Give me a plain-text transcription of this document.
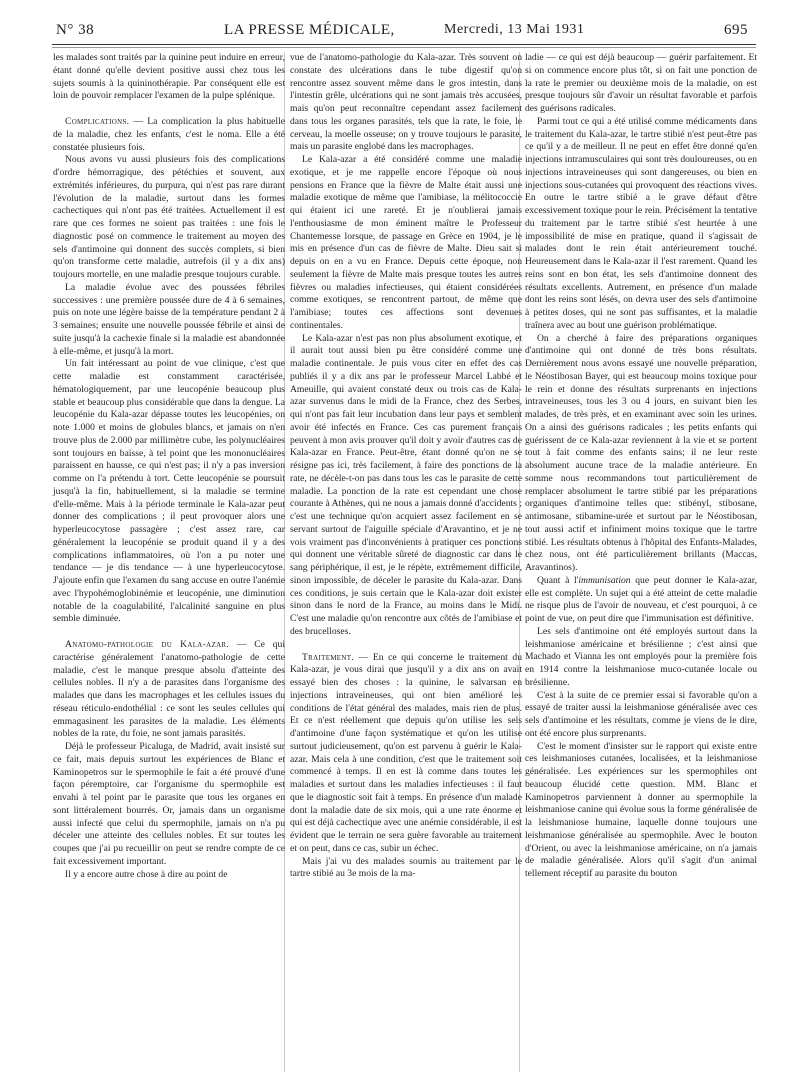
N° 38	LA PRESSE MÉDICALE,	Mercredi, 13 Mai 1931	695

les malades sont traités par la quinine peut induire en erreur, étant donné qu'elle devient positive aussi chez tous les sujets soumis à la quininothérapie. Par conséquent elle est loin de pouvoir remplacer l'examen de la pulpe splénique.

Complications. — La complication la plus habituelle de la maladie, chez les enfants, c'est le noma. Elle a été constatée plusieurs fois.

Nous avons vu aussi plusieurs fois des complications d'ordre hémorragique, des pétéchies et souvent, aux extrémités inférieures, du purpura, qui n'est pas rare durant l'évolution de la maladie, surtout dans les formes cachectiques qui n'ont pas été traitées. Actuellement il est rare que ces formes ne soient pas traitées : une fois le diagnostic posé on commence le traitement au moyen des sels d'antimoine qui donnent des succès complets, si bien qu'on transforme cette maladie, autrefois (il y a dix ans) toujours mortelle, en une maladie presque toujours curable.

La maladie évolue avec des poussées fébriles successives : une première poussée dure de 4 à 6 semaines, puis on note une légère baisse de la température pendant 2 à 3 semaines; ensuite une nouvelle poussée fébrile et ainsi de suite jusqu'à la cachexie finale si la maladie est abandonnée à elle-même, et jusqu'à la mort.

Un fait intéressant au point de vue clinique, c'est que cette maladie est constamment caractérisée, hématologiquement, par une leucopénie beaucoup plus stable et beaucoup plus considérable que dans la dengue. La leucopénie du Kala-azar dépasse toutes les leucopénies, on note 1.000 et moins de globules blancs, et jamais on n'en trouve plus de 2.000 par millimètre cube, les polynucléaires sont toujours en baisse, à tel point que les mononucléaires paraissent en hausse, ce qui n'est pas; il n'y a pas inversion comme on l'a prétendu à tort. Cette leucopénie se poursuit jusqu'à la fin, habituellement, si la maladie se termine d'elle-même. Mais à la période terminale le Kala-azar peut donner des complications ; il peut provoquer alors une hyperleucocytose passagère ; c'est assez rare, car généralement la leucopénie se produit quand il y a des complications inflammatoires, où l'on a pu noter une tendance — je dis tendance — à une hyperleucocytose. J'ajoute enfin que l'examen du sang accuse en outre l'anémie avec l'hypohémoglobinémie et leucopénie, une diminution notable de la coagulabilité, l'alcalinité sanguine en plus semble diminuée.

Anatomo-pathologie du Kala-azar. — Ce qui caractérise généralement l'anatomo-pathologie de cette maladie, c'est le manque presque absolu d'atteinte des cellules nobles. Il n'y a de parasites dans l'organisme des malades que dans les macrophages et les cellules issues du réseau réticulo-endothélial : ce sont les seules cellules qui emmagasinent les parasites de la maladie. Les éléments nobles de la rate, du foie, ne sont jamais parasités.

Déjà le professeur Picaluga, de Madrid, avait insisté sur ce fait, mais depuis surtout les expériences de Blanc et Kaminopetros sur le spermophile le fait a été prouvé d'une façon péremptoire, car l'organisme du spermophile est envahi à tel point par le parasite que tous les organes en sont littéralement bourrés. Or, jamais dans un organisme aussi infecté que celui du spermophile, jamais on n'a pu déceler une atteinte des cellules nobles. Et sur toutes les coupes que j'ai pu recueillir on peut se rendre compte de ce fait excessivement important.

Il y a encore autre chose à dire au point de

vue de l'anatomo-pathologie du Kala-azar. Très souvent on constate des ulcérations dans le tube digestif qu'on rencontre assez souvent même dans le gros intestin, dans l'intestin grêle, ulcérations qui ne sont jamais très accusées, mais qu'on peut reconnaître cependant assez facilement dans tous les organes parasités, tels que la rate, le foie, le cerveau, la moelle osseuse; on y trouve toujours le parasite, mais un parasite englobé dans les macrophages.

Le Kala-azar a été considéré comme une maladie exotique, et je me rappelle encore l'époque où nous pensions en France que la fièvre de Malte était aussi une maladie exotique de même que l'amibiase, la mélitococcie qui étaient ici une rareté. Et je n'oublierai jamais l'enthousiasme de mon éminent maître le Professeur Chantemesse lorsque, de passage en Grèce en 1904, je le mis en présence d'un cas de fièvre de Malte. Dieu sait si depuis on en a vu en France. Depuis cette époque, non seulement la fièvre de Malte mais presque toutes les autres fièvres ou maladies infectieuses, qui étaient considérées comme exotiques, se rencontrent partout, de même que l'amibiase; toutes ces affections sont devenues continentales.

Le Kala-azar n'est pas non plus absolument exotique, et il aurait tout aussi bien pu être considéré comme une maladie continentale. Je puis vous citer en effet des cas publiés il y a dix ans par le professeur Marcel Labbé et Ameuille, qui avaient constaté deux ou trois cas de Kala-azar survenus dans le midi de la France, chez des Serbes, qui n'ont pas fait leur incubation dans leur pays et semblent avoir été infectés en France. Ces cas purement français peuvent à mon avis prouver qu'il doit y avoir d'autres cas de Kala-azar en France. Peut-être, étant donné qu'on ne se résigne pas ici, très facilement, à faire des ponctions de la rate, ne décèle-t-on pas dans tous les cas le parasite de cette maladie. La ponction de la rate est cependant une chose courante à Athènes, qui ne nous a jamais donné d'accidents ; c'est une technique qu'on acquiert assez facilement en se servant surtout de l'aiguille spéciale d'Aravantino, et je ne vois vraiment pas d'inconvénients à pratiquer ces ponctions qui donnent une véritable sûreté de diagnostic car dans le sang périphérique, il est, je le répète, extrêmement difficile, sinon impossible, de déceler le parasite du Kala-azar. Dans ces conditions, je suis certain que le Kala-azar doit exister sinon dans le nord de la France, au moins dans le Midi. C'est une maladie qu'on rencontre aux côtés de l'amibiase et des brucelloses.

Traitement. — En ce qui concerne le traitement du Kala-azar, je vous dirai que jusqu'il y a dix ans on avait essayé bien des choses : la quinine, le salvarsan en injections intraveineuses, qui ont bien amélioré les conditions de l'état général des malades, mais rien de plus. Et ce n'est réellement que depuis qu'on utilise les sels d'antimoine d'une façon systématique et qu'on les utilise surtout judicieusement, qu'on est parvenu à guérir le Kala-azar. Mais cela à une condition, c'est que le traitement soit commencé à temps. Il en est là comme dans toutes les maladies et surtout dans les maladies infectieuses : il faut que le diagnostic soit fait à temps. En présence d'un malade dont la maladie date de six mois, qui a une rate énorme et qui est déjà cachectique avec une anémie considérable, il est évident que le terrain ne sera guère favorable au traitement et on peut, dans ce cas, subir un échec.

Mais j'ai vu des malades soumis au traitement par le tartre stibié au 3e mois de la ma-

ladie — ce qui est déjà beaucoup — guérir parfaitement. Et si on commence encore plus tôt, si on fait une ponction de la rate le premier ou deuxième mois de la maladie, on est presque toujours sûr d'avoir un résultat favorable et parfois des guérisons radicales.

Parmi tout ce qui a été utilisé comme médicaments dans le traitement du Kala-azar, le tartre stibié n'est peut-être pas ce qu'il y a de meilleur. Il ne peut en effet être donné qu'en injections intramusculaires qui sont très douloureuses, ou en injections intraveineuses qui sont dangereuses, ou bien en injections sous-cutanées qui provoquent des réactions vives. En outre le tartre stibié a le grave défaut d'être excessivement toxique pour le rein. Précisément la tentative du traitement par le tartre stibié s'est heurtée à une impossibilité de mise en pratique, quand il s'agissait de malades dont le rein était antérieurement touché. Heureusement dans le Kala-azar il l'est rarement. Quand les reins sont en bon état, les sels d'antimoine donnent des résultats excellents. Autrement, en présence d'un malade dont les reins sont lésés, on devra user des sels d'antimoine à petites doses, qui ne sont pas suffisantes, et la maladie traînera avec au bout une guérison problématique.

On a cherché à faire des préparations organiques d'antimoine qui ont donné de très bons résultats. Dernièrement nous avons essayé une nouvelle préparation, le Néostibosan Bayer, qui est beaucoup moins toxique pour le rein et donne des résultats surprenants en injections intraveineuses, tous les 3 ou 4 jours, en suivant bien les malades, de très près, et en examinant avec soin les urines. On a ainsi des guérisons radicales ; les petits enfants qui guérissent de ce Kala-azar reviennent à la vie et se portent tout à fait comme des enfants sains; il ne leur reste absolument aucune trace de la maladie antérieure. En somme nous recommandons tout particulièrement de remplacer absolument le tartre stibié par les préparations organiques d'antimoine telles que: stibényl, stibosane, antimosane, stibamine-urée et surtout par le Néostibosan, tout aussi actif et infiniment moins toxique que le tartre stibié. Les résultats obtenus à l'hôpital des Enfants-Malades, chez nous, ont été particulièrement brillants (Maccas, Aravantinos).

Quant à l'immunisation que peut donner le Kala-azar, elle est complète. Un sujet qui a été atteint de cette maladie ne risque plus de l'avoir de nouveau, et c'est pourquoi, à ce point de vue, on peut dire que l'immunisation est définitive.

Les sels d'antimoine ont été employés surtout dans la leishmaniose américaine et brésilienne ; c'est ainsi que Machado et Vianna les ont employés pour la première fois en 1914 contre la leishmaniose muco-cutanée locale ou brésilienne.

C'est à la suite de ce premier essai si favorable qu'on a essayé de traiter aussi la leishmaniose généralisée avec ces sels d'antimoine et les résultats, comme je viens de le dire, ont été encore plus surprenants.

C'est le moment d'insister sur le rapport qui existe entre ces leishmanioses cutanées, localisées, et la leishmaniose généralisée. Les expériences sur les spermophiles ont beaucoup élucidé cette question. MM. Blanc et Kaminopetros parviennent à donner au spermophile la leishmaniose canine qui évolue sous la forme généralisée de la leishmaniose humaine, laquelle donne toujours une leishmaniose généralisée au spermophile. Avec le bouton d'Orient, ou avec la leishmaniose américaine, on n'a jamais de maladie généralisée. Alors qu'il s'agit d'un animal tellement réceptif au parasite du bouton
